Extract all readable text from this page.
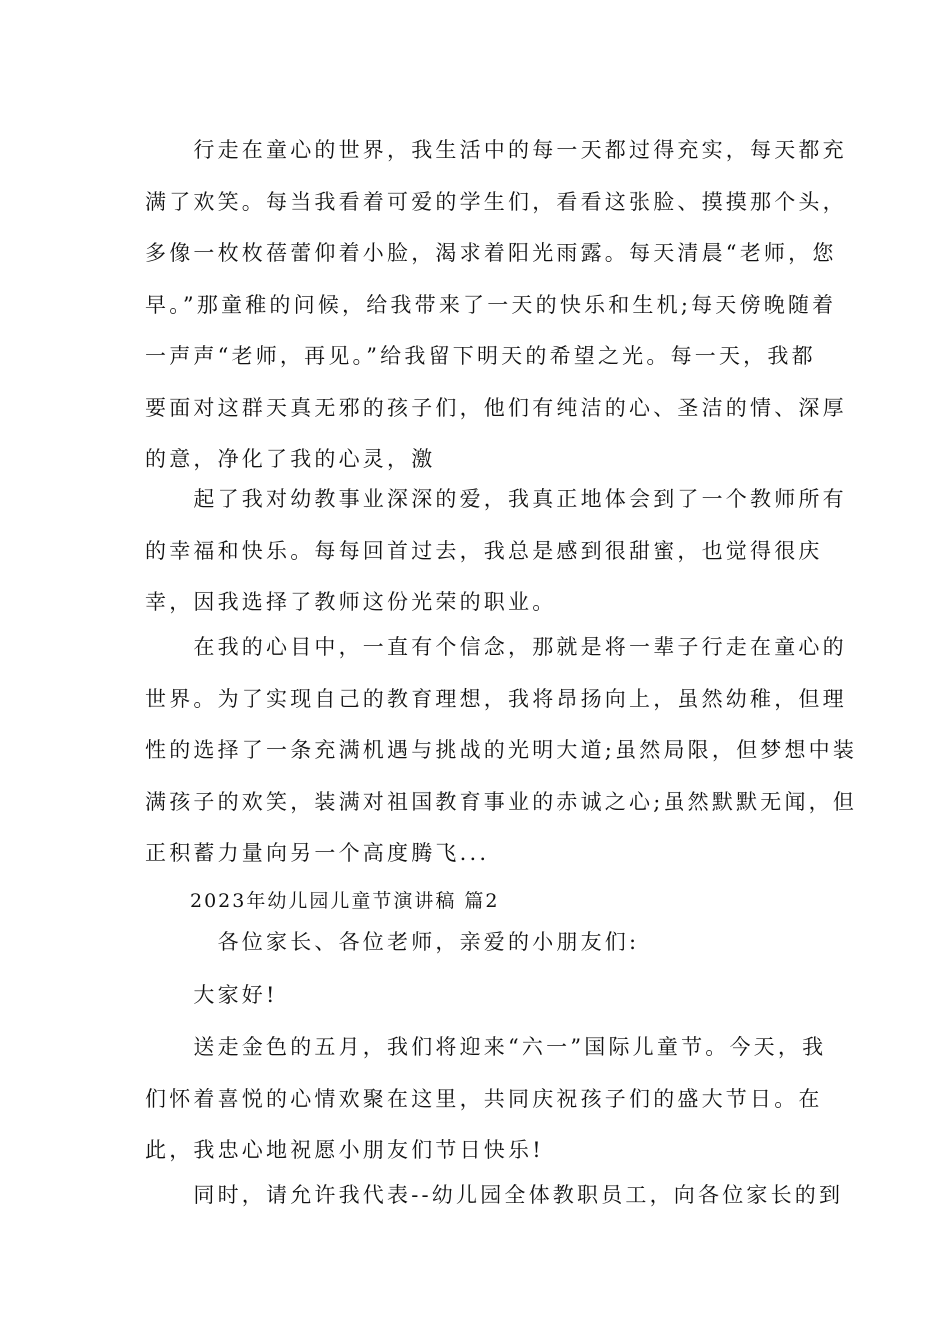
　　行走在童心的世界，我生活中的每一天都过得充实，每天都充
满了欢笑。每当我看着可爱的学生们，看看这张脸、摸摸那个头，
多像一枚枚蓓蕾仰着小脸，渴求着阳光雨露。每天清晨“老师，您
早。”那童稚的问候，给我带来了一天的快乐和生机;每天傍晚随着
一声声“老师，再见。”给我留下明天的希望之光。每一天，我都
要面对这群天真无邪的孩子们，他们有纯洁的心、圣洁的情、深厚
的意，净化了我的心灵，激
　　起了我对幼教事业深深的爱，我真正地体会到了一个教师所有
的幸福和快乐。每每回首过去，我总是感到很甜蜜，也觉得很庆
幸，因我选择了教师这份光荣的职业。
　　在我的心目中，一直有个信念，那就是将一辈子行走在童心的
世界。为了实现自己的教育理想，我将昂扬向上，虽然幼稚，但理
性的选择了一条充满机遇与挑战的光明大道;虽然局限，但梦想中装
满孩子的欢笑，装满对祖国教育事业的赤诚之心;虽然默默无闻，但
正积蓄力量向另一个高度腾飞...
2023年幼儿园儿童节演讲稿 篇2
　　　各位家长、各位老师，亲爱的小朋友们:
　　大家好!
　　送走金色的五月，我们将迎来“六一”国际儿童节。今天，我
们怀着喜悦的心情欢聚在这里，共同庆祝孩子们的盛大节日。在
此，我忠心地祝愿小朋友们节日快乐!
　　同时，请允许我代表--幼儿园全体教职员工，向各位家长的到
